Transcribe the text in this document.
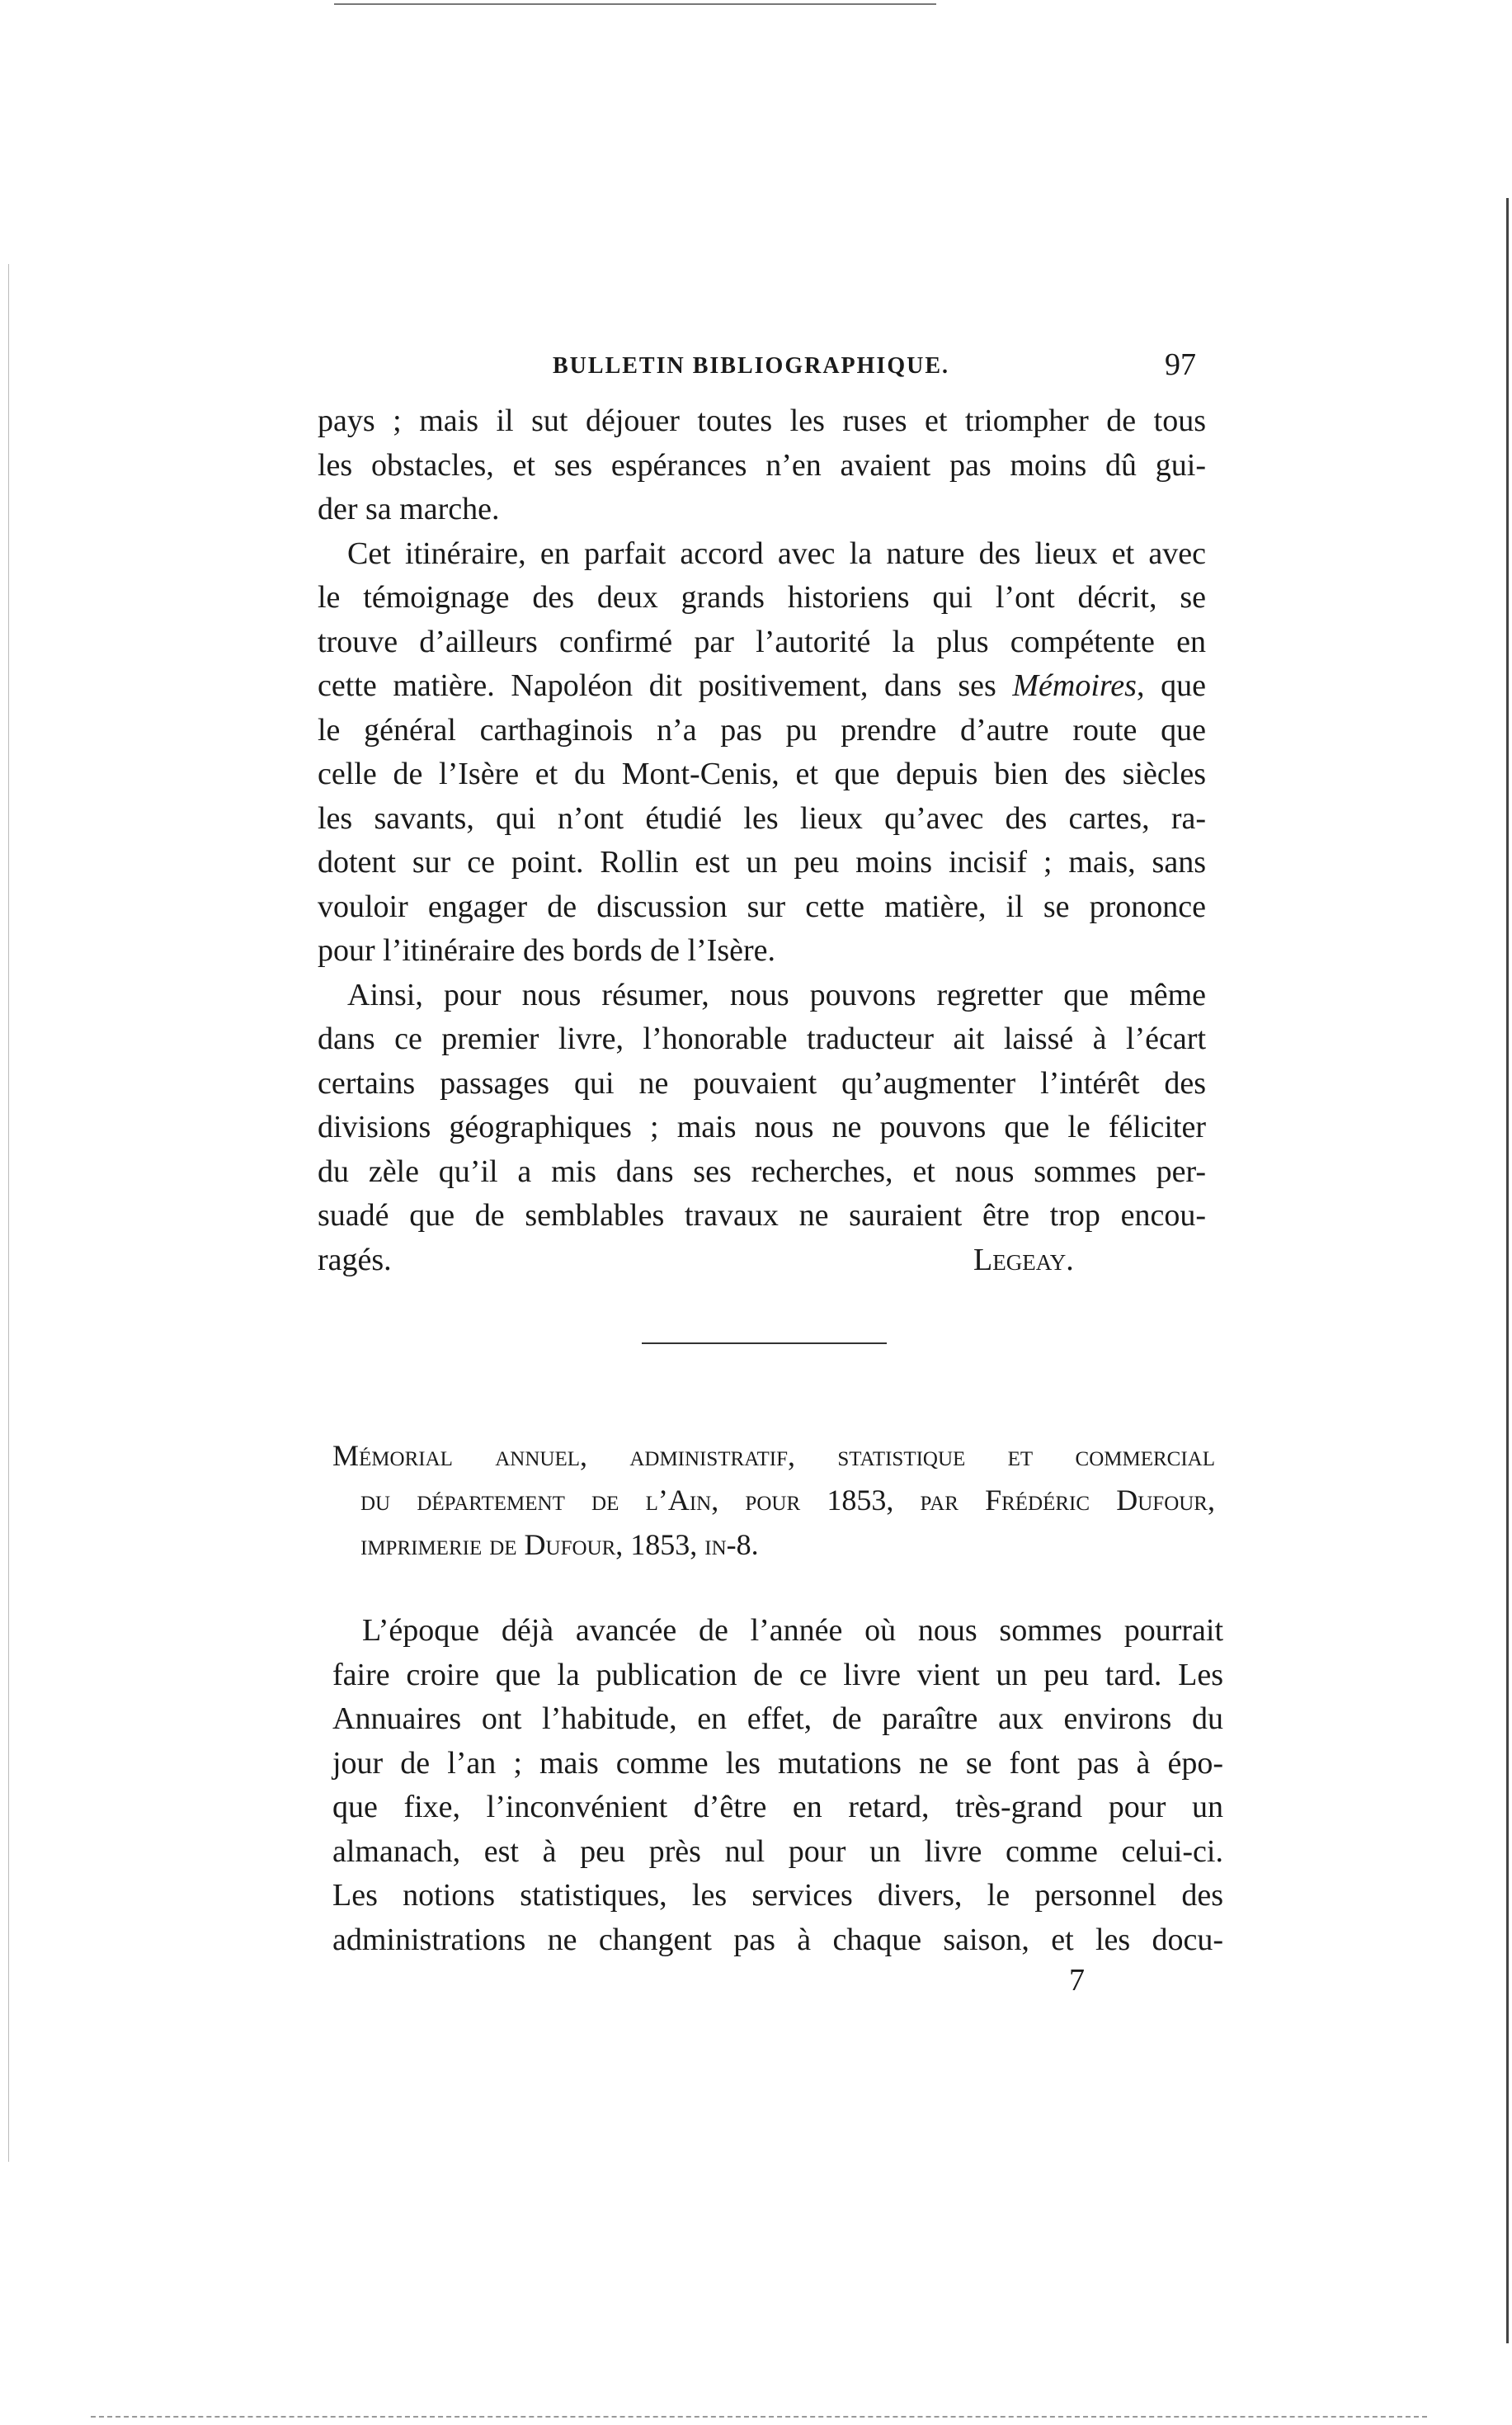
BULLETIN BIBLIOGRAPHIQUE.	97
pays ; mais il sut déjouer toutes les ruses et triompher de tous
les obstacles, et ses espérances n’en avaient pas moins dû gui-
der sa marche.
Cet itinéraire, en parfait accord avec la nature des lieux et avec
le témoignage des deux grands historiens qui l’ont décrit, se
trouve d’ailleurs confirmé par l’autorité la plus compétente en
cette matière. Napoléon dit positivement, dans ses Mémoires, que
le général carthaginois n’a pas pu prendre d’autre route que
celle de l’Isère et du Mont-Cenis, et que depuis bien des siècles
les savants, qui n’ont étudié les lieux qu’avec des cartes, ra-
dotent sur ce point. Rollin est un peu moins incisif ; mais, sans
vouloir engager de discussion sur cette matière, il se prononce
pour l’itinéraire des bords de l’Isère.
Ainsi, pour nous résumer, nous pouvons regretter que même
dans ce premier livre, l’honorable traducteur ait laissé à l’écart
certains passages qui ne pouvaient qu’augmenter l’intérêt des
divisions géographiques ; mais nous ne pouvons que le féliciter
du zèle qu’il a mis dans ses recherches, et nous sommes per-
suadé que de semblables travaux ne sauraient être trop encou-
ragés.	Legeay.
Mémorial annuel, administratif, statistique et commercial
du département de l’Ain, pour 1853, par Frédéric Dufour,
imprimerie de Dufour, 1853, in-8.
L’époque déjà avancée de l’année où nous sommes pourrait
faire croire que la publication de ce livre vient un peu tard. Les
Annuaires ont l’habitude, en effet, de paraître aux environs du
jour de l’an ; mais comme les mutations ne se font pas à épo-
que fixe, l’inconvénient d’être en retard, très-grand pour un
almanach, est à peu près nul pour un livre comme celui-ci.
Les notions statistiques, les services divers, le personnel des
administrations ne changent pas à chaque saison, et les docu-
7
